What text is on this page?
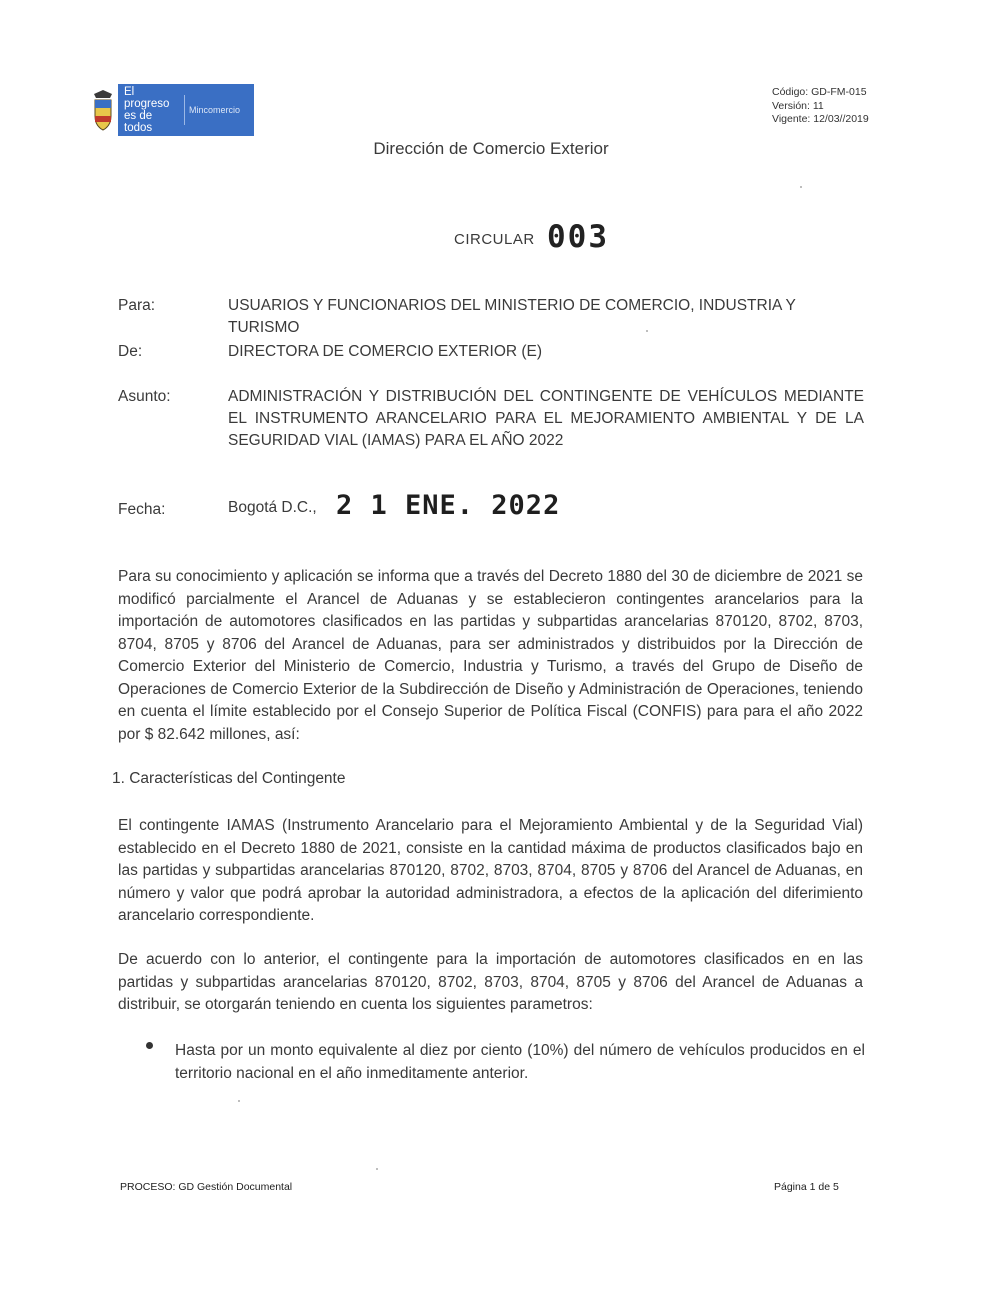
El progreso es de todos
Mincomercio
Código: GD-FM-015
Versión: 11
Vigente: 12/03//2019
Dirección de Comercio Exterior
CIRCULAR 003
Para:	USUARIOS Y FUNCIONARIOS DEL MINISTERIO DE COMERCIO, INDUSTRIA Y TURISMO
De:	DIRECTORA DE COMERCIO EXTERIOR (E)
Asunto:	ADMINISTRACIÓN Y DISTRIBUCIÓN DEL CONTINGENTE DE VEHÍCULOS MEDIANTE EL INSTRUMENTO ARANCELARIO PARA EL MEJORAMIENTO AMBIENTAL Y DE LA SEGURIDAD VIAL (IAMAS) PARA EL AÑO 2022
Fecha:	Bogotá D.C., 2 1 ENE. 2022
Para su conocimiento y aplicación se informa que a través del Decreto 1880 del 30 de diciembre de 2021 se modificó parcialmente el Arancel de Aduanas y se establecieron contingentes arancelarios para la importación de automotores clasificados en las partidas y subpartidas arancelarias 870120, 8702, 8703, 8704, 8705 y 8706 del Arancel de Aduanas, para ser administrados y distribuidos por la Dirección de Comercio Exterior del Ministerio de Comercio, Industria y Turismo, a través del Grupo de Diseño de Operaciones de Comercio Exterior de la Subdirección de Diseño y Administración de Operaciones, teniendo en cuenta el límite establecido por el Consejo Superior de Política Fiscal (CONFIS) para para el año 2022 por $ 82.642 millones, así:
1. Características del Contingente
El contingente IAMAS (Instrumento Arancelario para el Mejoramiento Ambiental y de la Seguridad Vial) establecido en el Decreto 1880 de 2021, consiste en la cantidad máxima de productos clasificados bajo en las partidas y subpartidas arancelarias 870120, 8702, 8703, 8704, 8705 y 8706 del Arancel de Aduanas, en número y valor que podrá aprobar la autoridad administradora, a efectos de la aplicación del diferimiento arancelario correspondiente.
De acuerdo con lo anterior, el contingente para la importación de automotores clasificados en en las partidas y subpartidas arancelarias 870120, 8702, 8703, 8704, 8705 y 8706 del Arancel de Aduanas a distribuir, se otorgarán teniendo en cuenta los siguientes parametros:
Hasta por un monto equivalente al diez por ciento (10%) del número de vehículos producidos en el territorio nacional en el año inmeditamente anterior.
PROCESO: GD Gestión Documental	Página 1 de 5
